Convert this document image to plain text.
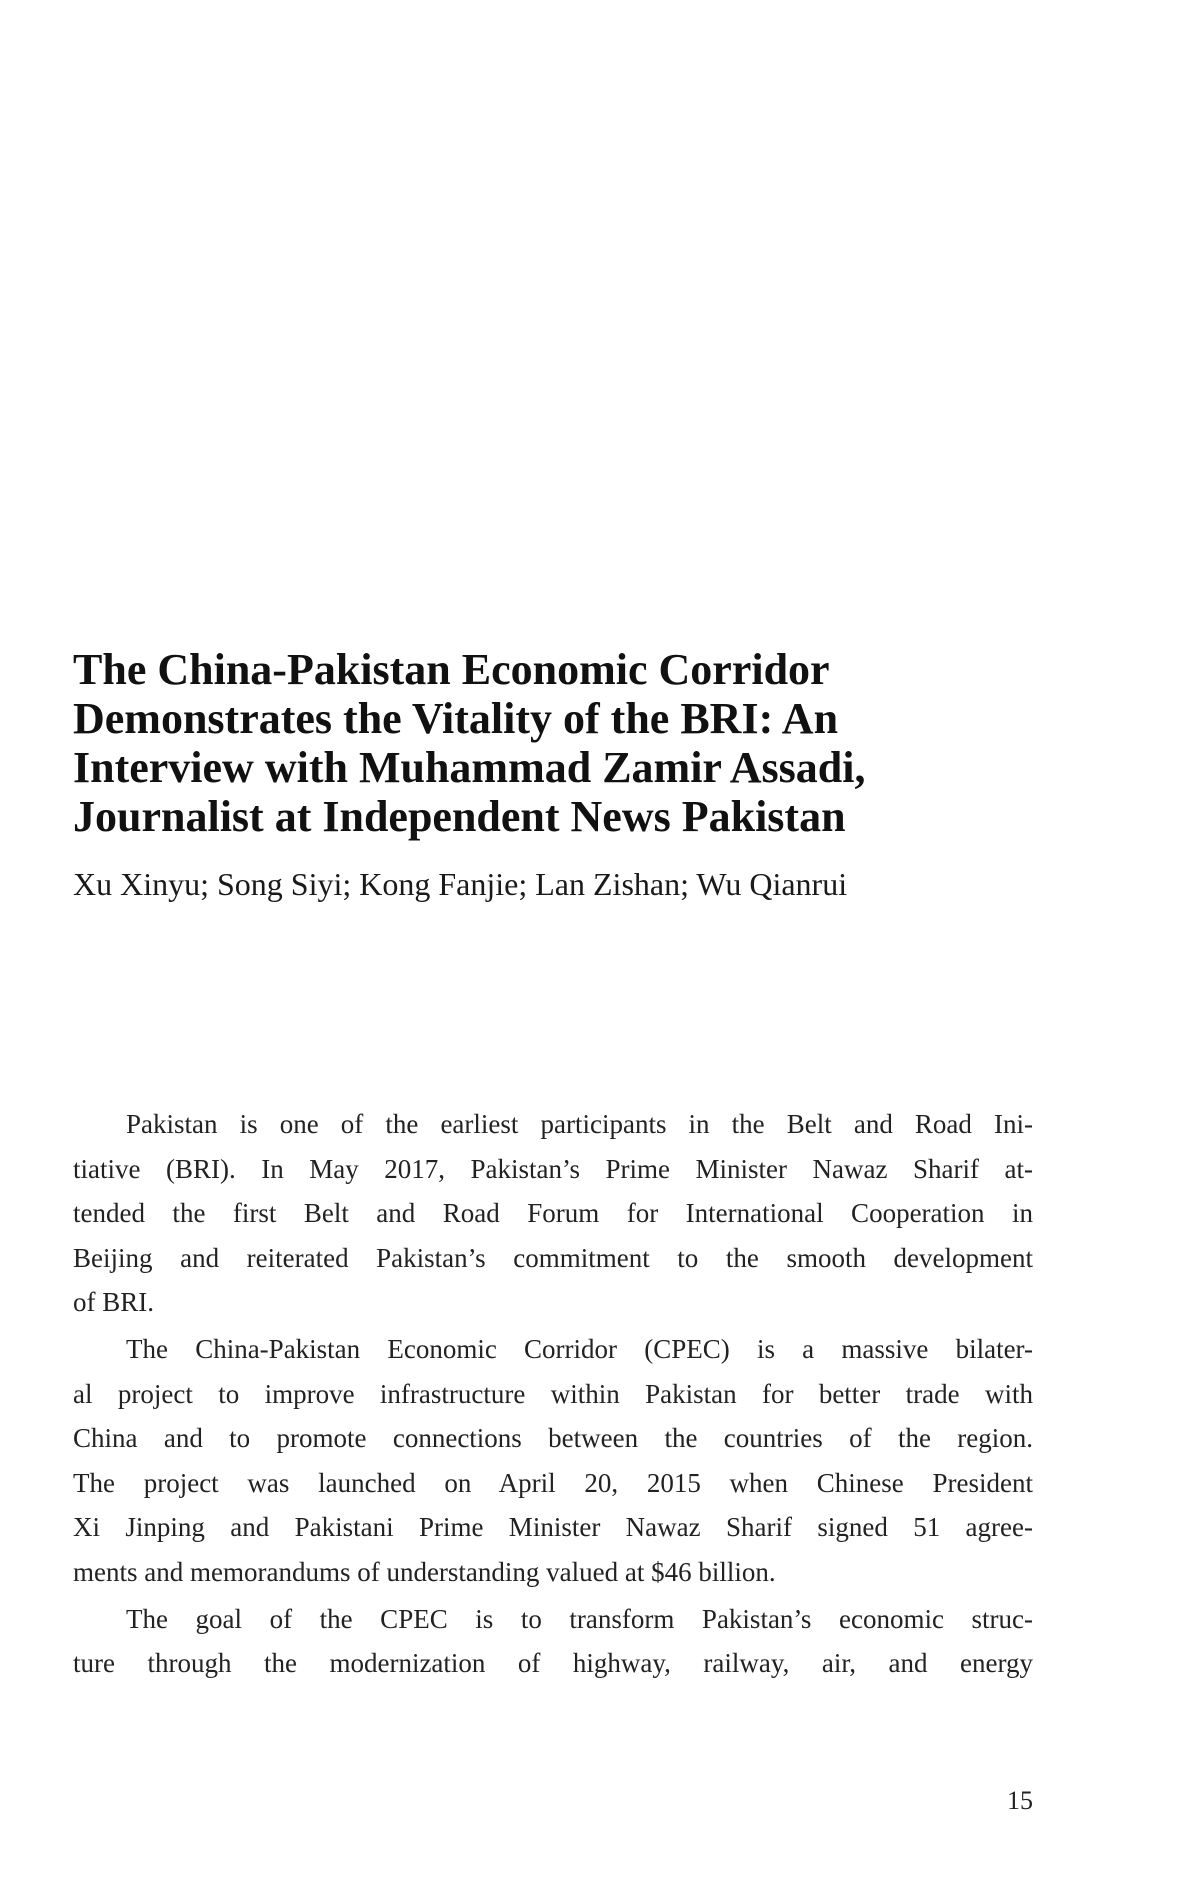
The China-Pakistan Economic Corridor
Demonstrates the Vitality of the BRI: An
Interview with Muhammad Zamir Assadi,
Journalist at Independent News Pakistan

Xu Xinyu; Song Siyi; Kong Fanjie; Lan Zishan; Wu Qianrui

Pakistan is one of the earliest participants in the Belt and Road Ini-
tiative (BRI). In May 2017, Pakistan’s Prime Minister Nawaz Sharif at-
tended the first Belt and Road Forum for International Cooperation in
Beijing and reiterated Pakistan’s commitment to the smooth development
of BRI.
The China-Pakistan Economic Corridor (CPEC) is a massive bilater-
al project to improve infrastructure within Pakistan for better trade with
China and to promote connections between the countries of the region.
The project was launched on April 20, 2015 when Chinese President
Xi Jinping and Pakistani Prime Minister Nawaz Sharif signed 51 agree-
ments and memorandums of understanding valued at $46 billion.
The goal of the CPEC is to transform Pakistan’s economic struc-
ture through the modernization of highway, railway, air, and energy
15
